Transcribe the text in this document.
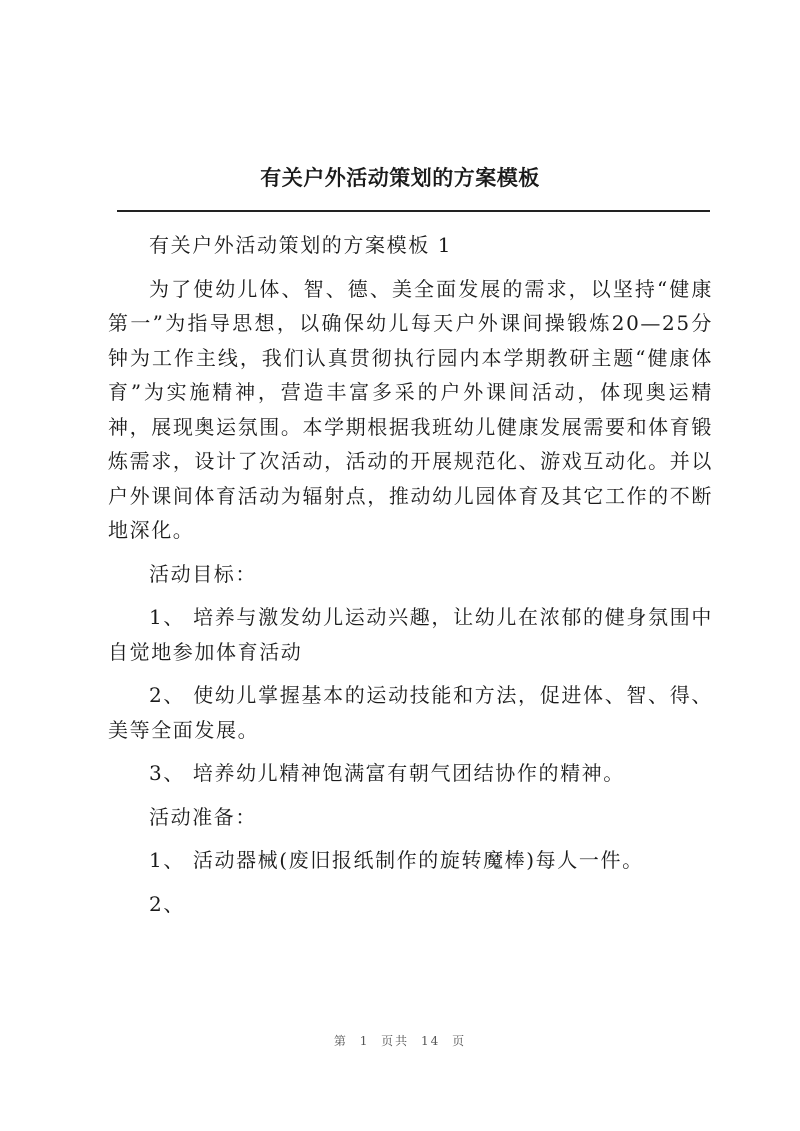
有关户外活动策划的方案模板

有关户外活动策划的方案模板 1

为了使幼儿体、智、德、美全面发展的需求，以坚持“健康第一”为指导思想，以确保幼儿每天户外课间操锻炼20—25分钟为工作主线，我们认真贯彻执行园内本学期教研主题“健康体育”为实施精神，营造丰富多采的户外课间活动，体现奥运精神，展现奥运氛围。本学期根据我班幼儿健康发展需要和体育锻炼需求，设计了次活动，活动的开展规范化、游戏互动化。并以户外课间体育活动为辐射点，推动幼儿园体育及其它工作的不断地深化。

活动目标：

1、 培养与激发幼儿运动兴趣，让幼儿在浓郁的健身氛围中自觉地参加体育活动

2、 使幼儿掌握基本的运动技能和方法，促进体、智、得、美等全面发展。

3、 培养幼儿精神饱满富有朝气团结协作的精神。

活动准备：

1、 活动器械(废旧报纸制作的旋转魔棒)每人一件。

2、

第 1 页共 14 页
